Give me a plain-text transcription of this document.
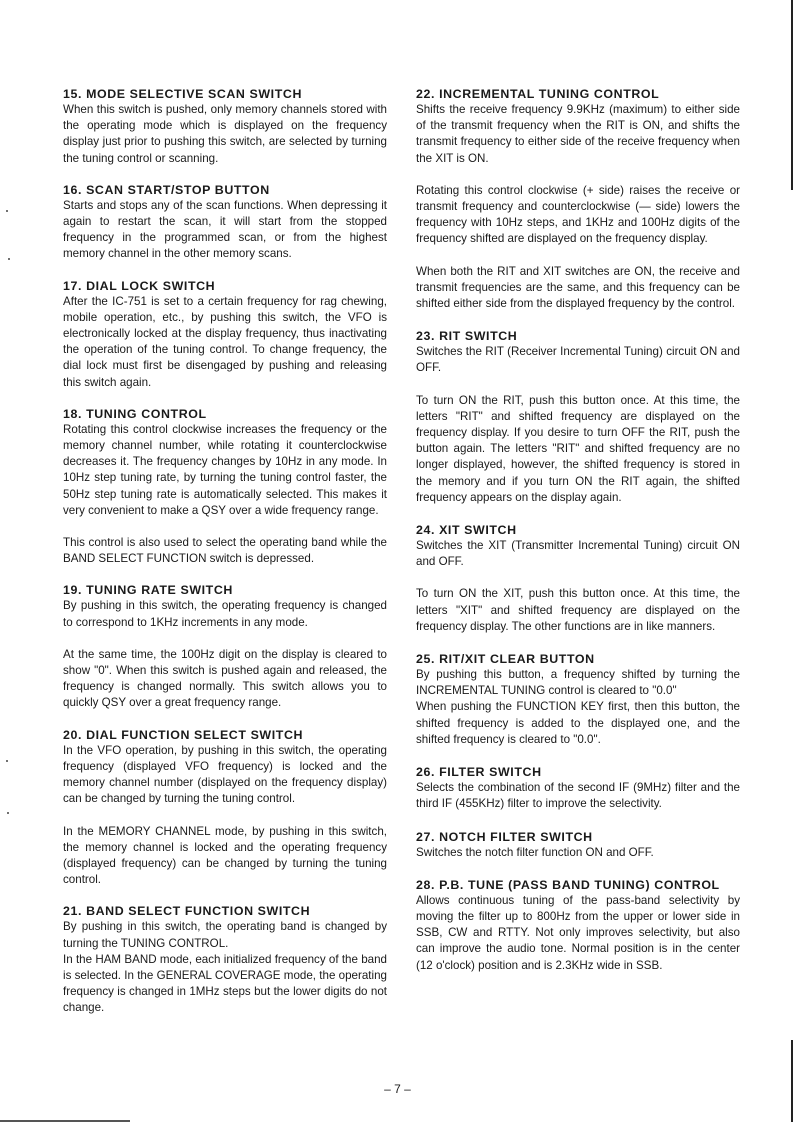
15. MODE SELECTIVE SCAN SWITCH

When this switch is pushed, only memory channels stored with the operating mode which is displayed on the frequency display just prior to pushing this switch, are selected by turning the tuning control or scanning.

16. SCAN START/STOP BUTTON

Starts and stops any of the scan functions. When depressing it again to restart the scan, it will start from the stopped frequency in the programmed scan, or from the highest memory channel in the other memory scans.

17. DIAL LOCK SWITCH

After the IC-751 is set to a certain frequency for rag chewing, mobile operation, etc., by pushing this switch, the VFO is electronically locked at the display frequency, thus inactivating the operation of the tuning control. To change frequency, the dial lock must first be disengaged by pushing and releasing this switch again.

18. TUNING CONTROL

Rotating this control clockwise increases the frequency or the memory channel number, while rotating it counterclockwise decreases it. The frequency changes by 10Hz in any mode. In 10Hz step tuning rate, by turning the tuning control faster, the 50Hz step tuning rate is automatically selected. This makes it very convenient to make a QSY over a wide frequency range.

This control is also used to select the operating band while the BAND SELECT FUNCTION switch is depressed.

19. TUNING RATE SWITCH

By pushing in this switch, the operating frequency is changed to correspond to 1KHz increments in any mode.

At the same time, the 100Hz digit on the display is cleared to show "0". When this switch is pushed again and released, the frequency is changed normally. This switch allows you to quickly QSY over a great frequency range.

20. DIAL FUNCTION SELECT SWITCH

In the VFO operation, by pushing in this switch, the operating frequency (displayed VFO frequency) is locked and the memory channel number (displayed on the frequency display) can be changed by turning the tuning control.

In the MEMORY CHANNEL mode, by pushing in this switch, the memory channel is locked and the operating frequency (displayed frequency) can be changed by turning the tuning control.

21. BAND SELECT FUNCTION SWITCH

By pushing in this switch, the operating band is changed by turning the TUNING CONTROL.
In the HAM BAND mode, each initialized frequency of the band is selected. In the GENERAL COVERAGE mode, the operating frequency is changed in 1MHz steps but the lower digits do not change.

22. INCREMENTAL TUNING CONTROL

Shifts the receive frequency 9.9KHz (maximum) to either side of the transmit frequency when the RIT is ON, and shifts the transmit frequency to either side of the receive frequency when the XIT is ON.

Rotating this control clockwise (+ side) raises the receive or transmit frequency and counterclockwise (— side) lowers the frequency with 10Hz steps, and 1KHz and 100Hz digits of the frequency shifted are displayed on the frequency display.

When both the RIT and XIT switches are ON, the receive and transmit frequencies are the same, and this frequency can be shifted either side from the displayed frequency by the control.

23. RIT SWITCH

Switches the RIT (Receiver Incremental Tuning) circuit ON and OFF.

To turn ON the RIT, push this button once. At this time, the letters "RIT" and shifted frequency are displayed on the frequency display. If you desire to turn OFF the RIT, push the button again. The letters "RIT" and shifted frequency are no longer displayed, however, the shifted frequency is stored in the memory and if you turn ON the RIT again, the shifted frequency appears on the display again.

24. XIT SWITCH

Switches the XIT (Transmitter Incremental Tuning) circuit ON and OFF.

To turn ON the XIT, push this button once. At this time, the letters "XIT" and shifted frequency are displayed on the frequency display. The other functions are in like manners.

25. RIT/XIT CLEAR BUTTON

By pushing this button, a frequency shifted by turning the INCREMENTAL TUNING control is cleared to "0.0"
When pushing the FUNCTION KEY first, then this button, the shifted frequency is added to the displayed one, and the shifted frequency is cleared to "0.0".

26. FILTER SWITCH

Selects the combination of the second IF (9MHz) filter and the third IF (455KHz) filter to improve the selectivity.

27. NOTCH FILTER SWITCH

Switches the notch filter function ON and OFF.

28. P.B. TUNE (PASS BAND TUNING) CONTROL

Allows continuous tuning of the pass-band selectivity by moving the filter up to 800Hz from the upper or lower side in SSB, CW and RTTY. Not only improves selectivity, but also can improve the audio tone. Normal position is in the center (12 o'clock) position and is 2.3KHz wide in SSB.

– 7 –
